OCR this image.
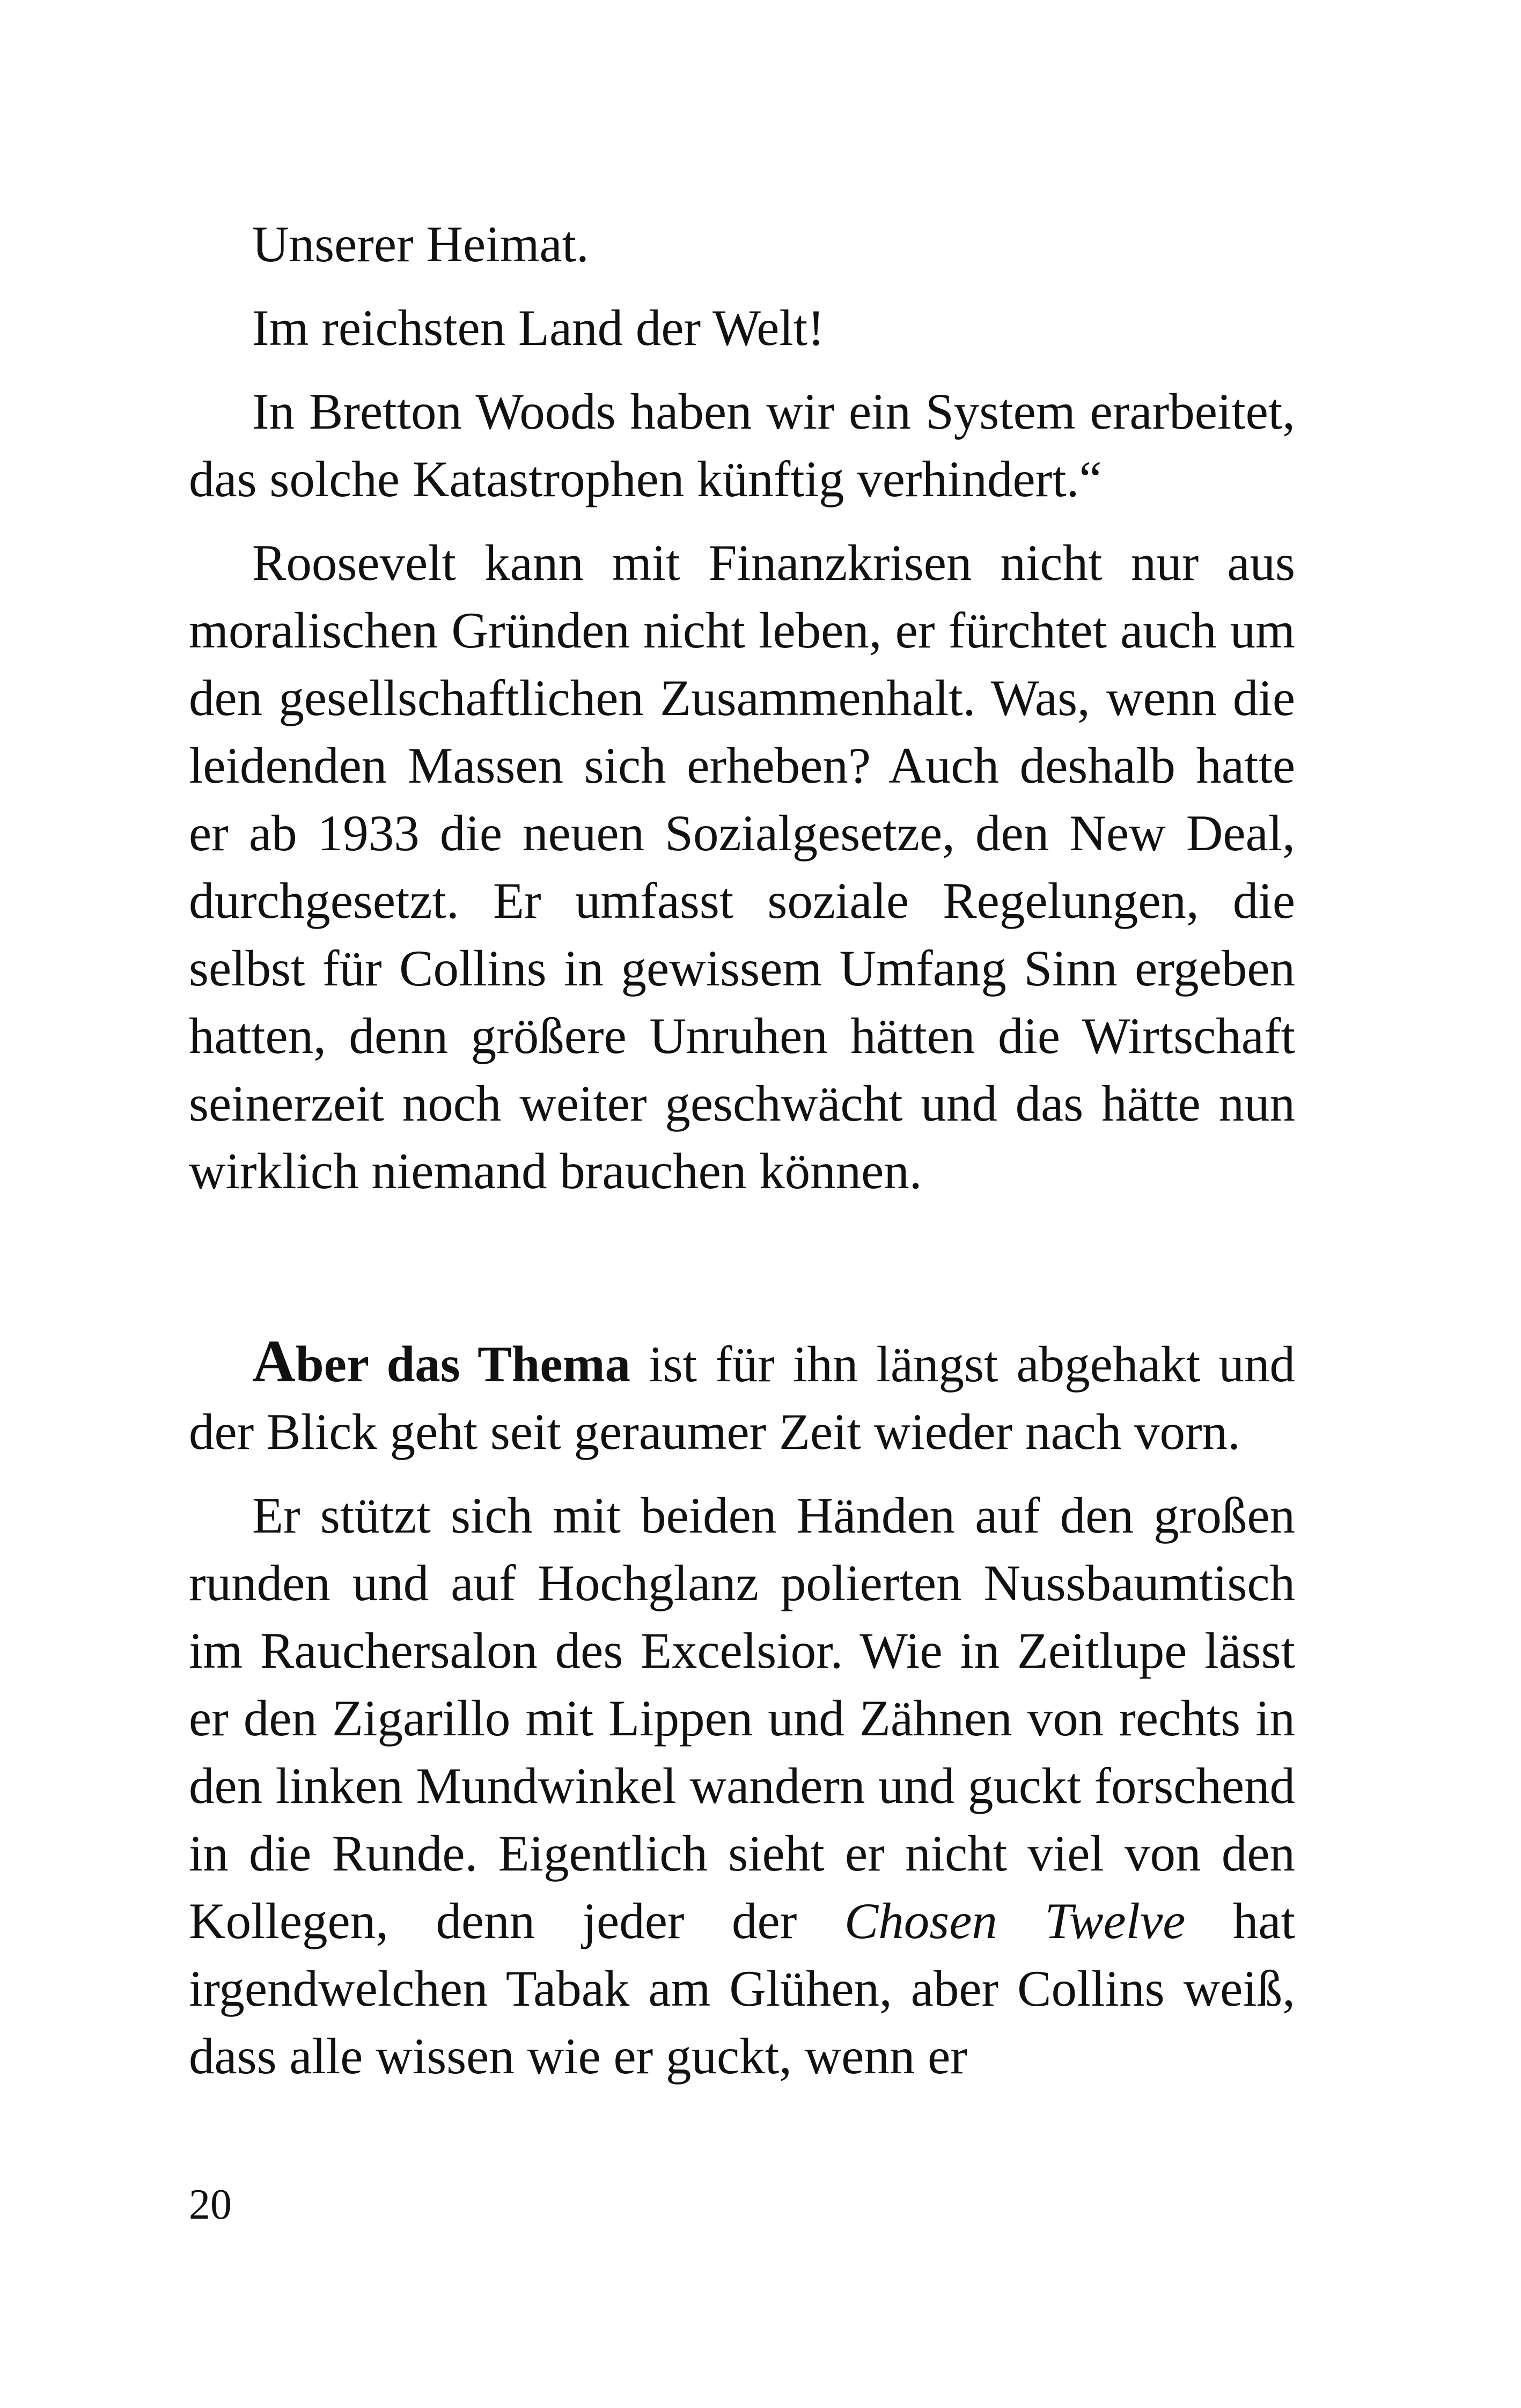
Unserer Heimat.

Im reichsten Land der Welt!

In Bretton Woods haben wir ein System erarbeitet, das solche Katastrophen künftig verhindert.“

Roosevelt kann mit Finanzkrisen nicht nur aus moralischen Gründen nicht leben, er fürchtet auch um den gesellschaftlichen Zusammenhalt. Was, wenn die leidenden Massen sich erheben? Auch deshalb hatte er ab 1933 die neuen Sozialgesetze, den New Deal, durchgesetzt. Er umfasst soziale Regelungen, die selbst für Collins in gewissem Umfang Sinn ergeben hatten, denn größere Unruhen hätten die Wirtschaft seinerzeit noch weiter geschwächt und das hätte nun wirklich niemand brauchen können.

Aber das Thema ist für ihn längst abgehakt und der Blick geht seit geraumer Zeit wieder nach vorn.

Er stützt sich mit beiden Händen auf den großen runden und auf Hochglanz polierten Nussbaumtisch im Rauchersalon des Excelsior. Wie in Zeitlupe lässt er den Zigarillo mit Lippen und Zähnen von rechts in den linken Mundwinkel wandern und guckt forschend in die Runde. Eigentlich sieht er nicht viel von den Kollegen, denn jeder der Chosen Twelve hat irgendwelchen Tabak am Glühen, aber Collins weiß, dass alle wissen wie er guckt, wenn er

20
